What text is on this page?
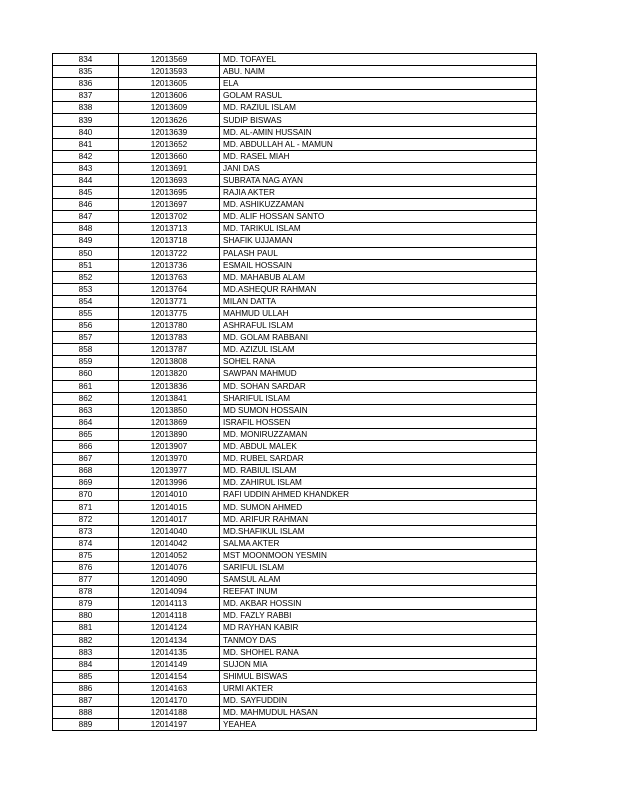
834	12013569	MD. TOFAYEL
835	12013593	ABU. NAIM
836	12013605	ELA
837	12013606	GOLAM RASUL
838	12013609	MD. RAZIUL ISLAM
839	12013626	SUDIP BISWAS
840	12013639	MD. AL-AMIN HUSSAIN
841	12013652	MD. ABDULLAH AL - MAMUN
842	12013660	MD. RASEL MIAH
843	12013691	JANI DAS
844	12013693	SUBRATA NAG AYAN
845	12013695	RAJIA AKTER
846	12013697	MD. ASHIKUZZAMAN
847	12013702	MD. ALIF HOSSAN SANTO
848	12013713	MD. TARIKUL ISLAM
849	12013718	SHAFIK UJJAMAN
850	12013722	PALASH PAUL
851	12013736	ESMAIL HOSSAIN
852	12013763	MD. MAHABUB ALAM
853	12013764	MD.ASHEQUR RAHMAN
854	12013771	MILAN DATTA
855	12013775	MAHMUD ULLAH
856	12013780	ASHRAFUL ISLAM
857	12013783	MD. GOLAM RABBANI
858	12013787	MD. AZIZUL ISLAM
859	12013808	SOHEL RANA
860	12013820	SAWPAN MAHMUD
861	12013836	MD. SOHAN SARDAR
862	12013841	SHARIFUL ISLAM
863	12013850	MD SUMON HOSSAIN
864	12013869	ISRAFIL HOSSEN
865	12013890	MD. MONIRUZZAMAN
866	12013907	MD. ABDUL MALEK
867	12013970	MD. RUBEL SARDAR
868	12013977	MD. RABIUL ISLAM
869	12013996	MD. ZAHIRUL ISLAM
870	12014010	RAFI UDDIN AHMED KHANDKER
871	12014015	MD. SUMON AHMED
872	12014017	MD. ARIFUR RAHMAN
873	12014040	MD.SHAFIKUL ISLAM
874	12014042	SALMA AKTER
875	12014052	MST MOONMOON YESMIN
876	12014076	SARIFUL ISLAM
877	12014090	SAMSUL ALAM
878	12014094	REEFAT INUM
879	12014113	MD. AKBAR HOSSIN
880	12014118	MD. FAZLY RABBI
881	12014124	MD RAYHAN KABIR
882	12014134	TANMOY DAS
883	12014135	MD. SHOHEL RANA
884	12014149	SUJON MIA
885	12014154	SHIMUL BISWAS
886	12014163	URMI AKTER
887	12014170	MD. SAYFUDDIN
888	12014188	MD. MAHMUDUL HASAN
889	12014197	YEAHEA
